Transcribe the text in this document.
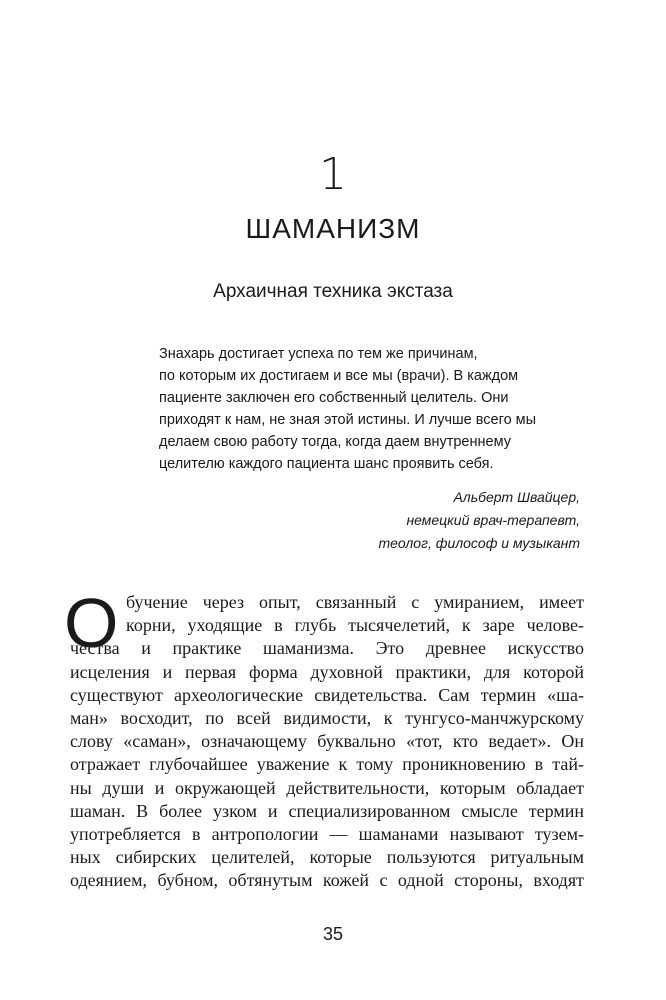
1
ШАМАНИЗМ
Архаичная техника экстаза
Знахарь достигает успеха по тем же причинам,
по которым их достигаем и все мы (врачи). В каждом
пациенте заключен его собственный целитель. Они
приходят к нам, не зная этой истины. И лучше всего мы
делаем свою работу тогда, когда даем внутреннему
целителю каждого пациента шанс проявить себя.
Альберт Швайцер,
немецкий врач-терапевт,
теолог, философ и музыкант
О бучение через опыт, связанный с умиранием, имеет
корни, уходящие в глубь тысячелетий, к заре челове-
чества и практике шаманизма. Это древнее искусство
исцеления и первая форма духовной практики, для которой
существуют археологические свидетельства. Сам термин «ша-
ман» восходит, по всей видимости, к тунгусо-манчжурскому
слову «саман», означающему буквально «тот, кто ведает». Он
отражает глубочайшее уважение к тому проникновению в тай-
ны души и окружающей действительности, которым обладает
шаман. В более узком и специализированном смысле термин
употребляется в антропологии — шаманами называют тузем-
ных сибирских целителей, которые пользуются ритуальным
одеянием, бубном, обтянутым кожей с одной стороны, входят
35
